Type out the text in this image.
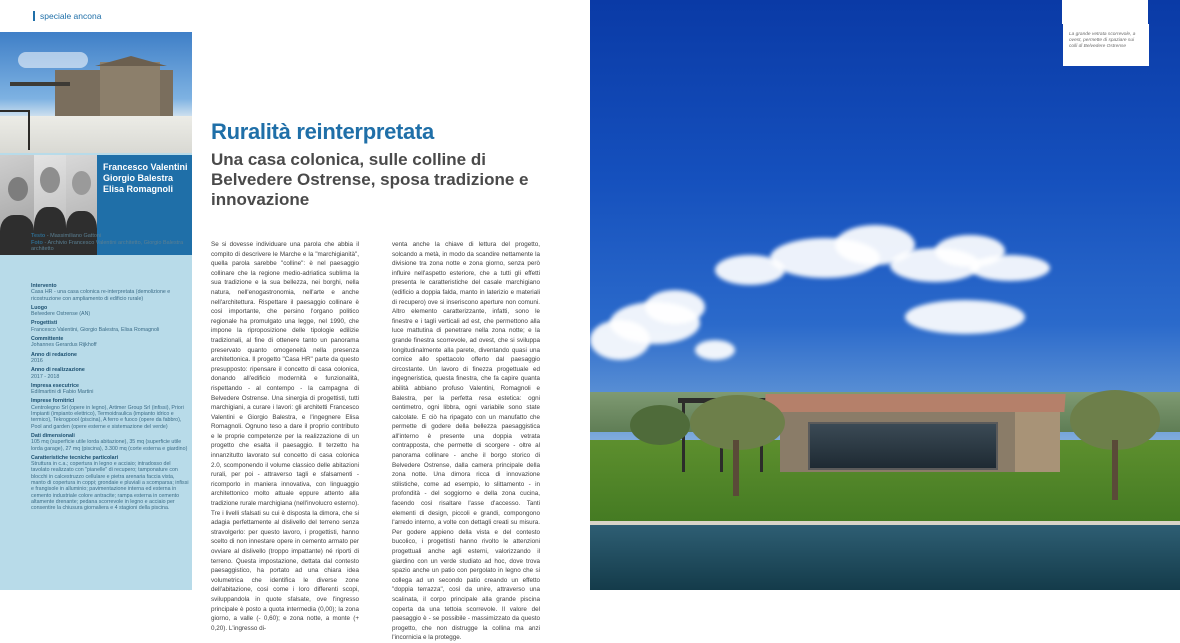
speciale ancona
Francesco Valentini
Giorgio Balestra
Elisa Romagnoli
Testo - Massimiliano Gattoni
Foto - Archivio Francesco Valentini architetto, Giorgio Balestra architetto
Intervento
Casa HR - una casa colonica re-interpretata (demolizione e ricostruzione con ampliamento di edificio rurale)
Luogo
Belvedere Ostrense (AN)
Progettisti
Francesco Valentini, Giorgio Balestra, Elisa Romagnoli
Committente
Johannes Gerardus Rijkhoff
Anno di redazione
2016
Anno di realizzazione
2017 - 2018
Impresa esecutrice
Edilmartini di Fabio Martini
Imprese fornitrici
Centrolegno Srl (opere in legno), Artimer Group Srl (infissi), Priori Impianti (impianto elettrico), Termoidraulica (impianto idrico e termico), Tekrogpool (piscina), A ferro e fuoco (opere da fabbro), Pool and garden (opere esterne e sistemazione del verde)
Dati dimensionali
105 mq (superficie utile lorda abitazione), 35 mq (superficie utile lorda garage), 27 mq (piscina), 3.300 mq (corte esterna e giardino)
Caratteristiche tecniche particolari
Struttura in c.a.; copertura in legno e acciaio; intradosso del tavolato realizzato con "pianelle" di recupero; tamponature con blocchi in calcestruzzo cellulare e pietra arenaria faccia vista, manto di copertura in coppi; grondaie e pluviali a scomparsa; infissi e frangisole in alluminio; pavimentazione interna ed esterna in cemento industriale colore antracite; rampa esterna in cemento altamente drenante; pedana scorrevole in legno e acciaio per consentire la chiusura giornaliera e 4 stagioni della piscina.
Ruralità reinterpretata
Una casa colonica, sulle colline di Belvedere Ostrense, sposa tradizione e innovazione

Se si dovesse individuare una parola che abbia il compito di descrivere le Marche e la "marchigianità", quella parola sarebbe "colline": è nel paesaggio collinare che la regione medio-adriatica sublima la sua tradizione e la sua bellezza, nei borghi, nella natura, nell'enogastronomia, nell'arte e anche nell'architettura. Rispettare il paesaggio collinare è così importante, che persino l'organo politico regionale ha promulgato una legge, nel 1990, che impone la riproposizione delle tipologie edilizie tradizionali, al fine di ottenere tanto un panorama preservato quanto omogeneità nella presenza architettonica. Il progetto "Casa HR" parte da questo presupposto: ripensare il concetto di casa colonica, donando all'edificio modernità e funzionalità, rispettando - al contempo - la campagna di Belvedere Ostrense. Una sinergia di progettisti, tutti marchigiani, a curare i lavori: gli architetti Francesco Valentini e Giorgio Balestra, e l'ingegnere Elisa Romagnoli. Ognuno teso a dare il proprio contributo e le proprie competenze per la realizzazione di un progetto che esalta il paesaggio. Il terzetto ha innanzitutto lavorato sul concetto di casa colonica 2.0, scomponendo il volume classico delle abitazioni rurali, per poi - attraverso tagli e sfalsamenti - ricomporlo in maniera innovativa, con linguaggio architettonico molto attuale eppure attento alla tradizione rurale marchigiana (nell'involucro esterno). Tre i livelli sfalsati su cui è disposta la dimora, che si adagia perfettamente al dislivello del terreno senza stravolgerlo: per questo lavoro, i progettisti, hanno scelto di non innestare opere in cemento armato per ovviare al dislivello (troppo impattante) né riporti di terreno. Questa impostazione, dettata dal contesto paesaggistico, ha portato ad una chiara idea volumetrica che identifica le diverse zone dell'abitazione, così come i loro differenti scopi, sviluppandola in quote sfalsate, ove l'ingresso principale è posto a quota intermedia (0,00); la zona giorno, a valle (- 0,60); e zona notte, a monte (+ 0,20). L'ingresso di-

venta anche la chiave di lettura del progetto, solcando a metà, in modo da scandire nettamente la divisione tra zona notte e zona giorno, senza però influire nell'aspetto esteriore, che a tutti gli effetti presenta le caratteristiche del casale marchigiano (edificio a doppia falda, manto in laterizio e materiali di recupero) ove si inseriscono aperture non comuni. Altro elemento caratterizzante, infatti, sono le finestre e i tagli verticali ad est, che permettono alla luce mattutina di penetrare nella zona notte; e la grande finestra scorrevole, ad ovest, che si sviluppa longitudinalmente alla parete, diventando quasi una cornice allo spettacolo offerto dal paesaggio circostante. Un lavoro di finezza progettuale ed ingegneristica, questa finestra, che fa capire quanta abilità abbiano profuso Valentini, Romagnoli e Balestra, per la perfetta resa estetica: ogni centimetro, ogni libbra, ogni variabile sono state calcolate. E ciò ha ripagato con un manufatto che permette di godere della bellezza paesaggistica all'interno è presente una doppia vetrata contrapposta, che permette di scorgere - oltre al panorama collinare - anche il borgo storico di Belvedere Ostrense, dalla camera principale della zona notte. Una dimora ricca di innovazione stilistiche, come ad esempio, lo slittamento - in profondità - del soggiorno e della zona cucina, facendo così risaltare l'asse d'accesso. Tanti elementi di design, piccoli e grandi, compongono l'arredo interno, a volte con dettagli creati su misura. Per godere appieno della vista e del contesto bucolico, i progettisti hanno rivolto le attenzioni progettuali anche agli esterni, valorizzando il giardino con un verde studiato ad hoc, dove trova spazio anche un patio con pergolato in legno che si collega ad un secondo patio creando un effetto "doppia terrazza", così da unire, attraverso una scalinata, il corpo principale alla grande piscina coperta da una tettoia scorrevole. Il valore del paesaggio è - se possibile - massimizzato da questo progetto, che non distrugge la collina ma anzi l'incornicia e la protegge.

La grande vetrata scorrevole, a ovest, permette di spaziare sui colli di Belvedere Ostrense
